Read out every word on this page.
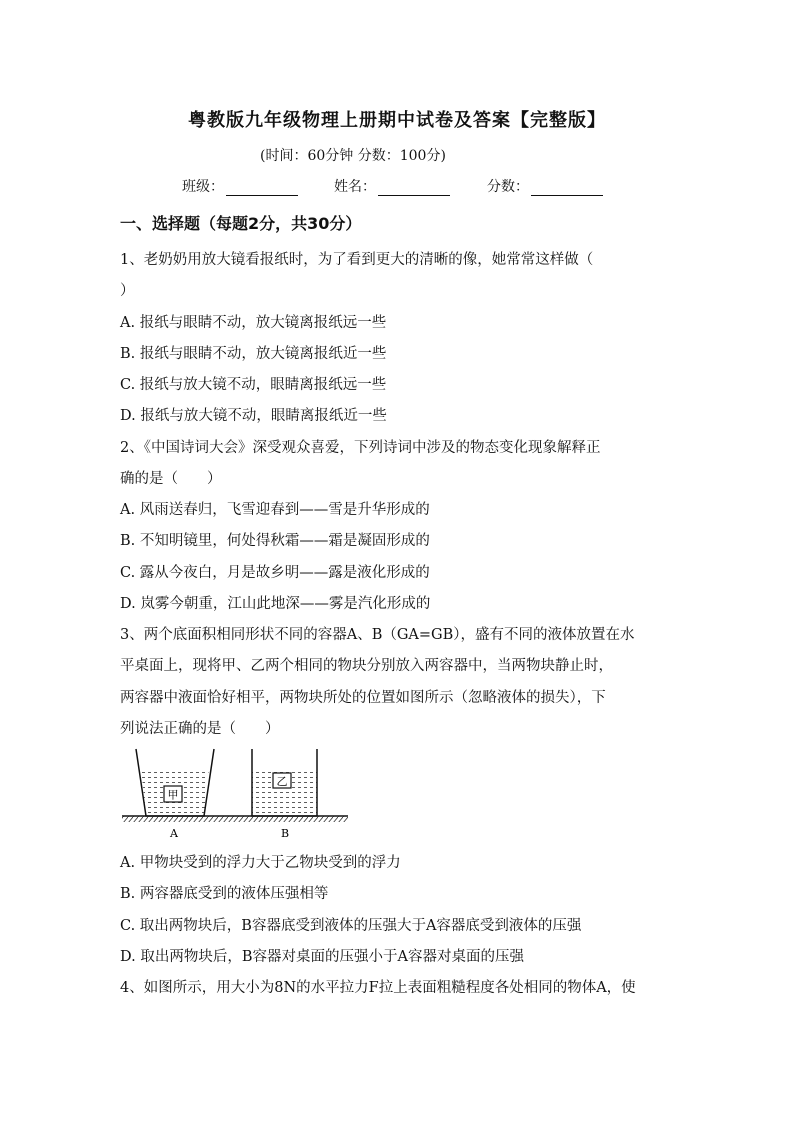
粤教版九年级物理上册期中试卷及答案【完整版】
(时间：60分钟 分数：100分)
班级：	姓名：	分数：
一、选择题（每题2分，共30分）
1、老奶奶用放大镜看报纸时，为了看到更大的清晰的像，她常常这样做（
）
A. 报纸与眼睛不动，放大镜离报纸远一些
B. 报纸与眼睛不动，放大镜离报纸近一些
C. 报纸与放大镜不动，眼睛离报纸远一些
D. 报纸与放大镜不动，眼睛离报纸近一些
2、《中国诗词大会》深受观众喜爱，下列诗词中涉及的物态变化现象解释正
确的是（　　）
A. 风雨送春归，飞雪迎春到——雪是升华形成的
B. 不知明镜里，何处得秋霜——霜是凝固形成的
C. 露从今夜白，月是故乡明——露是液化形成的
D. 岚雾今朝重，江山此地深——雾是汽化形成的
3、两个底面积相同形状不同的容器A、B（GA=GB），盛有不同的液体放置在水
平桌面上，现将甲、乙两个相同的物块分别放入两容器中，当两物块静止时，
两容器中液面恰好相平，两物块所处的位置如图所示（忽略液体的损失），下
列说法正确的是（　　）
甲
乙
A	B
A. 甲物块受到的浮力大于乙物块受到的浮力
B. 两容器底受到的液体压强相等
C. 取出两物块后，B容器底受到液体的压强大于A容器底受到液体的压强
D. 取出两物块后，B容器对桌面的压强小于A容器对桌面的压强
4、如图所示，用大小为8N的水平拉力F拉上表面粗糙程度各处相同的物体A，使
